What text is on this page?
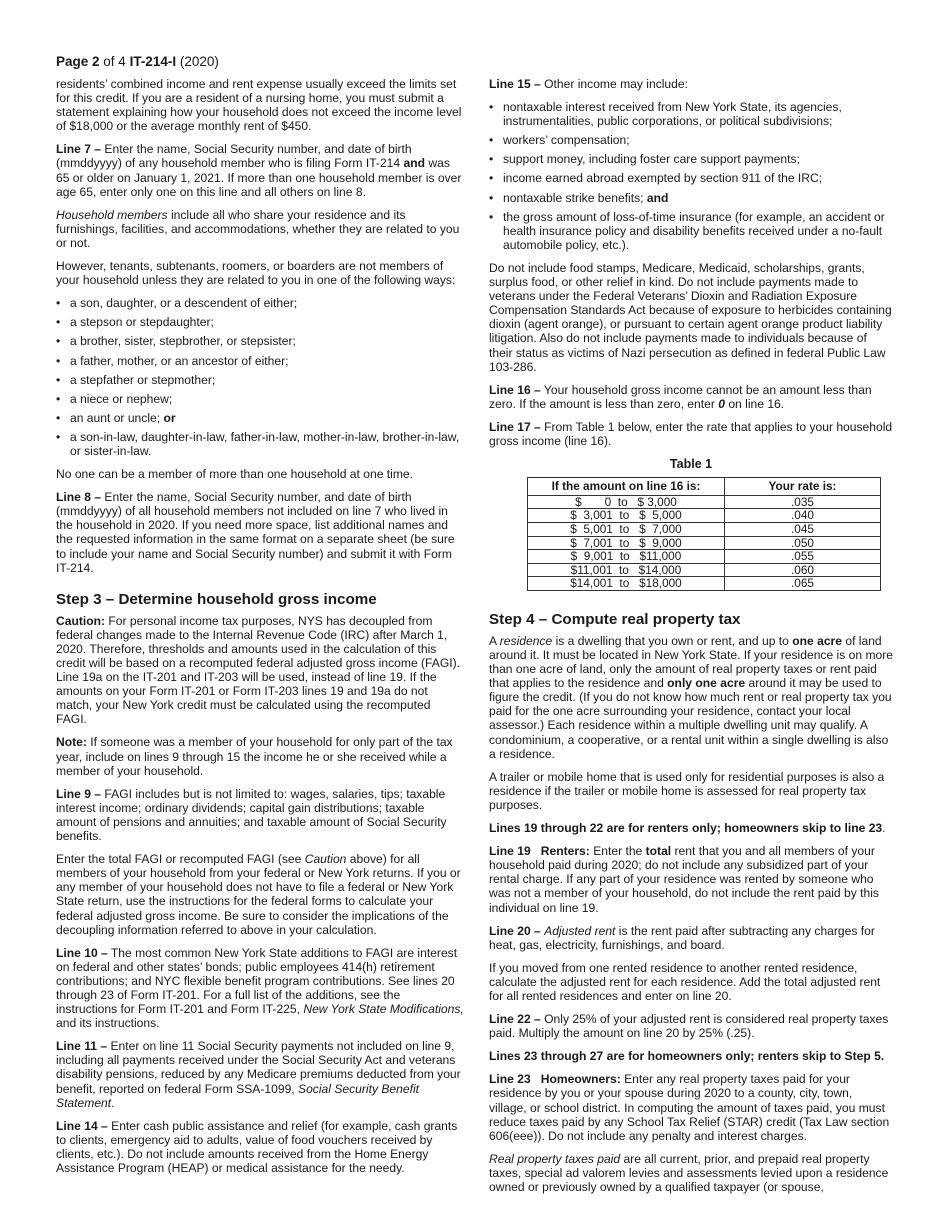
Page 2 of 4 IT-214-I (2020)

residents’ combined income and rent expense usually exceed the limits set for this credit. If you are a resident of a nursing home, you must submit a statement explaining how your household does not exceed the income level of $18,000 or the average monthly rent of $450.

Line 7 – Enter the name, Social Security number, and date of birth (mmddyyyy) of any household member who is filing Form IT-214 and was 65 or older on January 1, 2021. If more than one household member is over age 65, enter only one on this line and all others on line 8.

Household members include all who share your residence and its furnishings, facilities, and accommodations, whether they are related to you or not.

However, tenants, subtenants, roomers, or boarders are not members of your household unless they are related to you in one of the following ways:

• a son, daughter, or a descendent of either;
• a stepson or stepdaughter;
• a brother, sister, stepbrother, or stepsister;
• a father, mother, or an ancestor of either;
• a stepfather or stepmother;
• a niece or nephew;
• an aunt or uncle; or
• a son-in-law, daughter-in-law, father-in-law, mother-in-law, brother-in-law, or sister-in-law.

No one can be a member of more than one household at one time.

Line 8 – Enter the name, Social Security number, and date of birth (mmddyyyy) of all household members not included on line 7 who lived in the household in 2020. If you need more space, list additional names and the requested information in the same format on a separate sheet (be sure to include your name and Social Security number) and submit it with Form IT-214.

Step 3 – Determine household gross income

Caution: For personal income tax purposes, NYS has decoupled from federal changes made to the Internal Revenue Code (IRC) after March 1, 2020. Therefore, thresholds and amounts used in the calculation of this credit will be based on a recomputed federal adjusted gross income (FAGI). Line 19a on the IT-201 and IT-203 will be used, instead of line 19. If the amounts on your Form IT-201 or Form IT-203 lines 19 and 19a do not match, your New York credit must be calculated using the recomputed FAGI.

Note: If someone was a member of your household for only part of the tax year, include on lines 9 through 15 the income he or she received while a member of your household.

Line 9 – FAGI includes but is not limited to: wages, salaries, tips; taxable interest income; ordinary dividends; capital gain distributions; taxable amount of pensions and annuities; and taxable amount of Social Security benefits.

Enter the total FAGI or recomputed FAGI (see Caution above) for all members of your household from your federal or New York returns. If you or any member of your household does not have to file a federal or New York State return, use the instructions for the federal forms to calculate your federal adjusted gross income. Be sure to consider the implications of the decoupling information referred to above in your calculation.

Line 10 – The most common New York State additions to FAGI are interest on federal and other states’ bonds; public employees 414(h) retirement contributions; and NYC flexible benefit program contributions. See lines 20 through 23 of Form IT-201. For a full list of the additions, see the instructions for Form IT-201 and Form IT-225, New York State Modifications, and its instructions.

Line 11 – Enter on line 11 Social Security payments not included on line 9, including all payments received under the Social Security Act and veterans disability pensions, reduced by any Medicare premiums deducted from your benefit, reported on federal Form SSA-1099, Social Security Benefit Statement.

Line 14 – Enter cash public assistance and relief (for example, cash grants to clients, emergency aid to adults, value of food vouchers received by clients, etc.). Do not include amounts received from the Home Energy Assistance Program (HEAP) or medical assistance for the needy.

Line 15 – Other income may include:

• nontaxable interest received from New York State, its agencies, instrumentalities, public corporations, or political subdivisions;
• workers’ compensation;
• support money, including foster care support payments;
• income earned abroad exempted by section 911 of the IRC;
• nontaxable strike benefits; and
• the gross amount of loss-of-time insurance (for example, an accident or health insurance policy and disability benefits received under a no-fault automobile policy, etc.).

Do not include food stamps, Medicare, Medicaid, scholarships, grants, surplus food, or other relief in kind. Do not include payments made to veterans under the Federal Veterans’ Dioxin and Radiation Exposure Compensation Standards Act because of exposure to herbicides containing dioxin (agent orange), or pursuant to certain agent orange product liability litigation. Also do not include payments made to individuals because of their status as victims of Nazi persecution as defined in federal Public Law 103-286.

Line 16 – Your household gross income cannot be an amount less than zero. If the amount is less than zero, enter 0 on line 16.

Line 17 – From Table 1 below, enter the rate that applies to your household gross income (line 16).

Table 1
If the amount on line 16 is:	Your rate is:
$       0  to   $ 3,000	.035
$  3,001  to   $  5,000	.040
$  5,001  to   $  7,000	.045
$  7,001  to   $  9,000	.050
$  9,001  to   $11,000	.055
$11,001  to   $14,000	.060
$14,001  to   $18,000	.065
Step 4 – Compute real property tax

A residence is a dwelling that you own or rent, and up to one acre of land around it. It must be located in New York State. If your residence is on more than one acre of land, only the amount of real property taxes or rent paid that applies to the residence and only one acre around it may be used to figure the credit. (If you do not know how much rent or real property tax you paid for the one acre surrounding your residence, contact your local assessor.) Each residence within a multiple dwelling unit may qualify. A condominium, a cooperative, or a rental unit within a single dwelling is also a residence.

A trailer or mobile home that is used only for residential purposes is also a residence if the trailer or mobile home is assessed for real property tax purposes.

Lines 19 through 22 are for renters only; homeowners skip to line 23.

Line 19   Renters: Enter the total rent that you and all members of your household paid during 2020; do not include any subsidized part of your rental charge. If any part of your residence was rented by someone who was not a member of your household, do not include the rent paid by this individual on line 19.

Line 20 – Adjusted rent is the rent paid after subtracting any charges for heat, gas, electricity, furnishings, and board.

If you moved from one rented residence to another rented residence, calculate the adjusted rent for each residence. Add the total adjusted rent for all rented residences and enter on line 20.

Line 22 – Only 25% of your adjusted rent is considered real property taxes paid. Multiply the amount on line 20 by 25% (.25).

Lines 23 through 27 are for homeowners only; renters skip to Step 5.

Line 23   Homeowners: Enter any real property taxes paid for your residence by you or your spouse during 2020 to a county, city, town, village, or school district. In computing the amount of taxes paid, you must reduce taxes paid by any School Tax Relief (STAR) credit (Tax Law section 606(eee)). Do not include any penalty and interest charges.

Real property taxes paid are all current, prior, and prepaid real property taxes, special ad valorem levies and assessments levied upon a residence owned or previously owned by a qualified taxpayer (or spouse,
